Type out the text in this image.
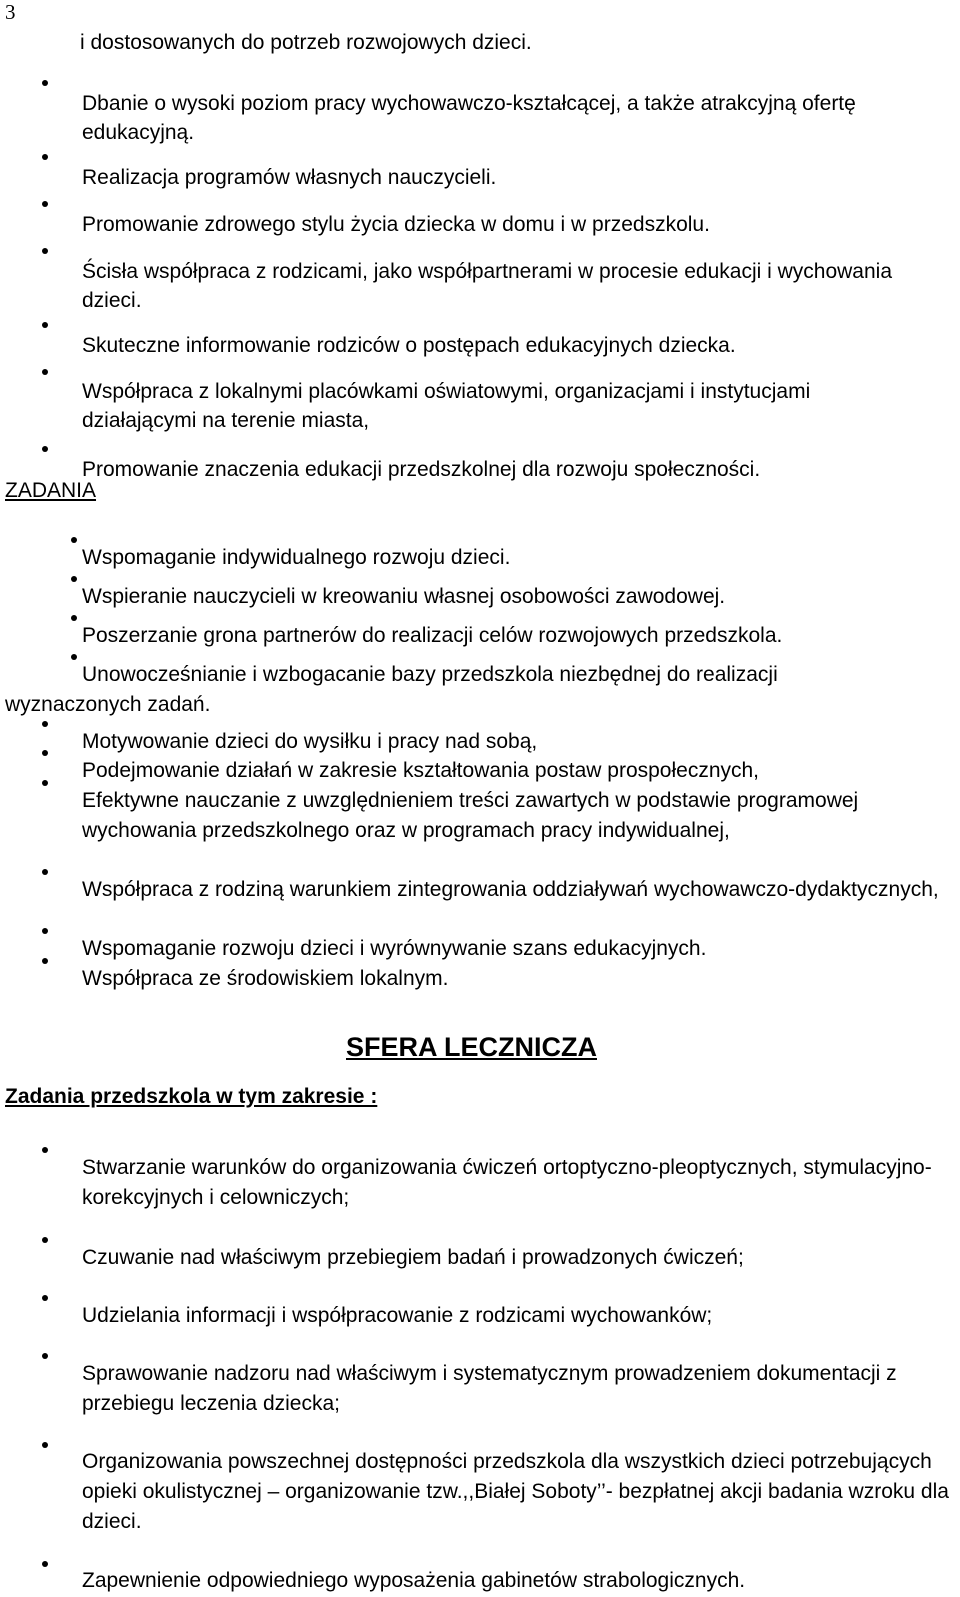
3

i dostosowanych do potrzeb rozwojowych dzieci.

Dbanie o wysoki poziom pracy wychowawczo-kształcącej, a także atrakcyjną ofertę edukacyjną.

Realizacja programów własnych nauczycieli.

Promowanie zdrowego stylu życia dziecka w domu i w przedszkolu.

Ścisła współpraca z rodzicami, jako współpartnerami w procesie edukacji i wychowania dzieci.

Skuteczne informowanie rodziców o postępach edukacyjnych dziecka.

Współpraca z lokalnymi placówkami oświatowymi, organizacjami i instytucjami działającymi na terenie miasta,

Promowanie znaczenia edukacji przedszkolnej dla rozwoju społeczności.

ZADANIA

Wspomaganie indywidualnego rozwoju dzieci.

Wspieranie nauczycieli w kreowaniu własnej osobowości zawodowej.

Poszerzanie grona partnerów do realizacji celów rozwojowych przedszkola.

Unowocześnianie i wzbogacanie bazy przedszkola niezbędnej do realizacji wyznaczonych zadań.

Motywowanie dzieci do wysiłku i pracy nad sobą,

Podejmowanie działań w zakresie kształtowania postaw prospołecznych,

Efektywne nauczanie z uwzględnieniem treści zawartych w podstawie programowej wychowania przedszkolnego oraz w programach pracy indywidualnej,

Współpraca z rodziną warunkiem zintegrowania oddziaływań wychowawczo-dydaktycznych,

Wspomaganie rozwoju dzieci i wyrównywanie szans edukacyjnych.

Współpraca ze środowiskiem lokalnym.

SFERA LECZNICZA

Zadania przedszkola w tym zakresie :

Stwarzanie warunków do organizowania ćwiczeń ortoptyczno-pleoptycznych, stymulacyjno- korekcyjnych i celowniczych;

Czuwanie nad właściwym przebiegiem badań i prowadzonych ćwiczeń;

Udzielania informacji i współpracowanie z rodzicami wychowanków;

Sprawowanie nadzoru nad właściwym i systematycznym prowadzeniem dokumentacji z przebiegu leczenia dziecka;

Organizowania powszechnej dostępności przedszkola dla wszystkich dzieci potrzebujących opieki okulistycznej – organizowanie tzw.,,Białej Soboty’’- bezpłatnej akcji badania wzroku dla dzieci.

Zapewnienie odpowiedniego wyposażenia gabinetów strabologicznych.
